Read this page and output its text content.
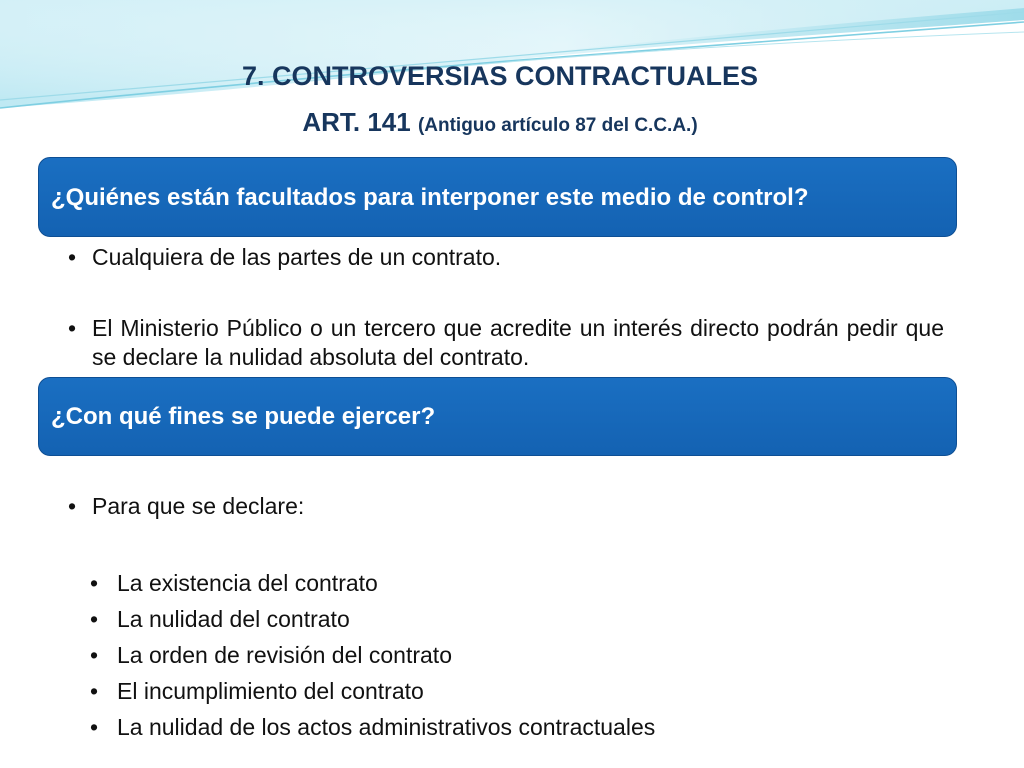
7. CONTROVERSIAS CONTRACTUALES
ART. 141 (Antiguo artículo 87 del C.C.A.)
¿Quiénes están facultados para interponer este medio de control?
• Cualquiera de las partes de un contrato.
• El Ministerio Público o un tercero que acredite un interés directo podrán pedir que se declare la nulidad absoluta del contrato.
¿Con qué fines se puede ejercer?
• Para que se declare:
• La existencia del contrato
• La nulidad del contrato
• La orden de revisión del contrato
• El incumplimiento del contrato
• La nulidad de los actos administrativos contractuales
